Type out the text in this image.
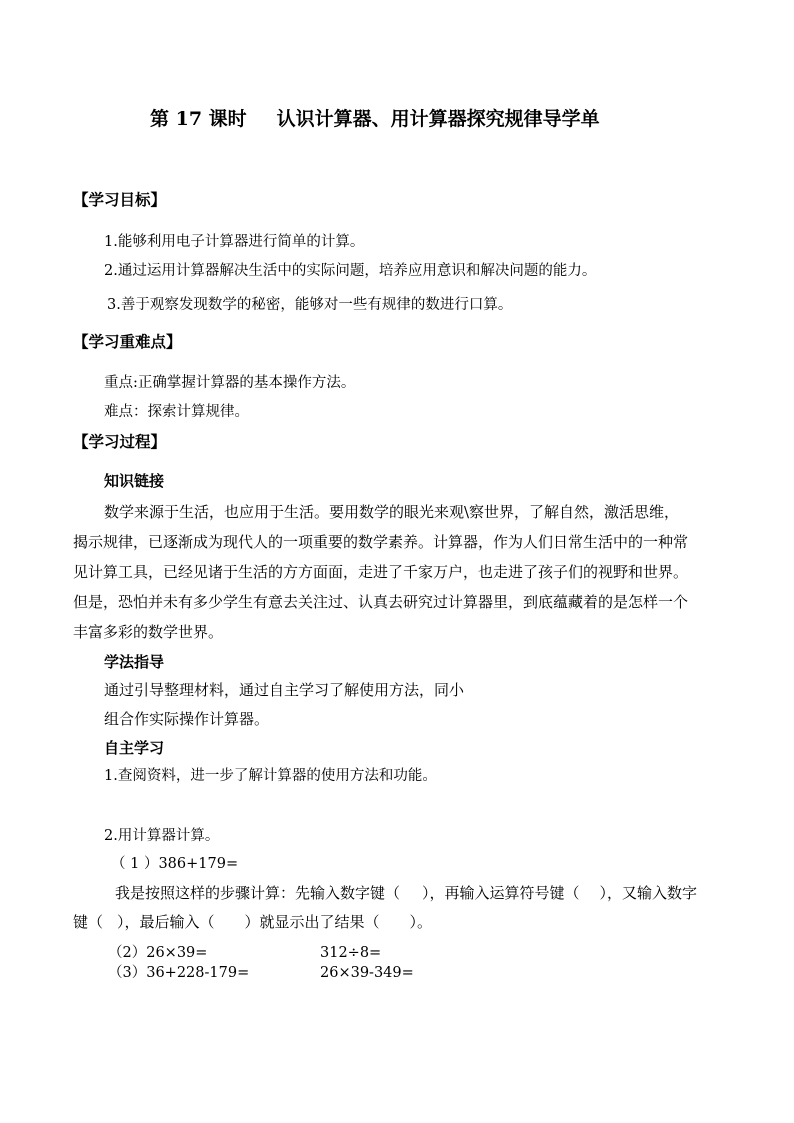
第 17 课时 认识计算器、用计算器探究规律导学单
【学习目标】
1.能够利用电子计算器进行简单的计算。
2.通过运用计算器解决生活中的实际问题，培养应用意识和解决问题的能力。
3.善于观察发现数学的秘密，能够对一些有规律的数进行口算。
【学习重难点】
重点:正确掌握计算器的基本操作方法。
难点：探索计算规律。
【学习过程】
知识链接
数学来源于生活，也应用于生活。要用数学的眼光来观\察世界，了解自然，激活思维，
揭示规律，已逐渐成为现代人的一项重要的数学素养。计算器，作为人们日常生活中的一种常
见计算工具，已经见诸于生活的方方面面，走进了千家万户，也走进了孩子们的视野和世界。
但是，恐怕并未有多少学生有意去关注过、认真去研究过计算器里，到底蕴藏着的是怎样一个
丰富多彩的数学世界。
学法指导
通过引导整理材料，通过自主学习了解使用方法，同小
组合作实际操作计算器。
自主学习
1.查阅资料，进一步了解计算器的使用方法和功能。
2.用计算器计算。
（ 1 ）386+179=
我是按照这样的步骤计算：先输入数字键（ ），再输入运算符号键（ ），又输入数字
键（ ），最后输入（ ）就显示出了结果（ ）。
（2）26×39=	312÷8=
（3）36+228-179=	26×39-349=
